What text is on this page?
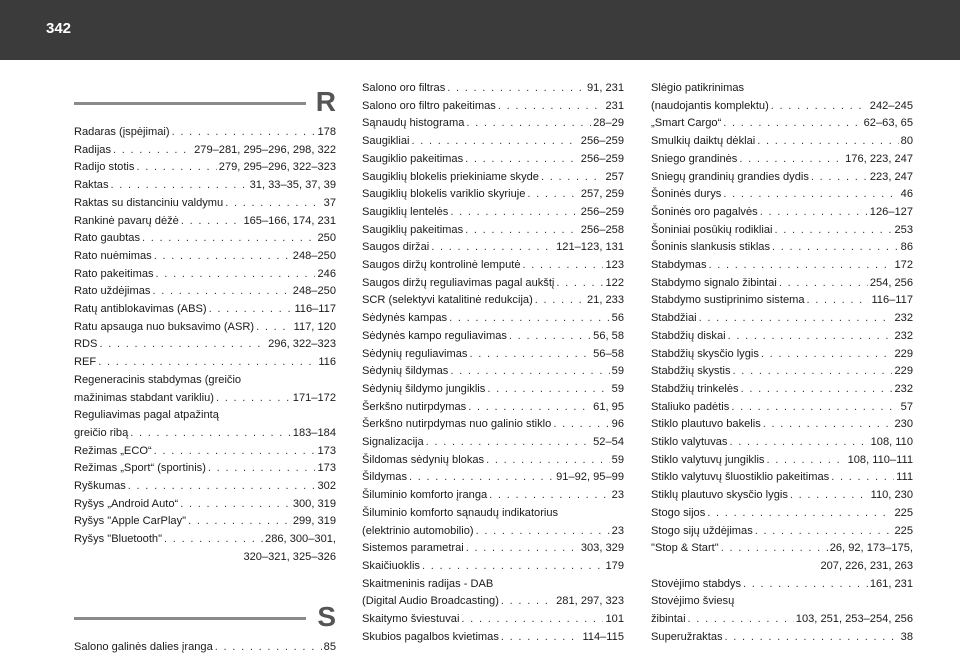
342
R
Radaras (įspėjimai) . . .	178
Radijas . . .	279–281, 295–296, 298, 322
Radijo stotis . . .	279, 295–296, 322–323
Raktas . . .	31, 33–35, 37, 39
Raktas su distanciniu valdymu . . .	37
Rankinė pavarų dėžė . . .	165–166, 174, 231
Rato gaubtas . . .	250
Rato nuėmimas . . .	248–250
Rato pakeitimas . . .	246
Rato uždėjimas . . .	248–250
Ratų antiblokavimas (ABS) . . .	116–117
Ratu apsauga nuo buksavimo (ASR) . . .	117, 120
RDS . . .	296, 322–323
REF . . .	116
Regeneracinis stabdymas (greičio
mažinimas stabdant varikliu) . . .	171–172
Reguliavimas pagal atpažintą
greičio ribą . . .	183–184
Režimas „ECO“ . . .	173
Režimas „Sport“ (sportinis) . . .	173
Ryškumas . . .	302
Ryšys „Android Auto“ . . .	300, 319
Ryšys "Apple CarPlay" . . .	299, 319
Ryšys "Bluetooth" . . .	286, 300–301,
320–321, 325–326
S
Salono galinės dalies įranga . . .	85
Salono oro filtras . . .	91, 231
Salono oro filtro pakeitimas . . .	231
Sąnaudų histograma . . .	28–29
Saugikliai . . .	256–259
Saugiklio pakeitimas . . .	256–259
Saugiklių blokelis priekiniame skyde . . .	257
Saugiklių blokelis variklio skyriuje . . .	257, 259
Saugiklių lentelės . . .	256–259
Saugiklių pakeitimas . . .	256–258
Saugos diržai . . .	121–123, 131
Saugos diržų kontrolinė lemputė . . .	123
Saugos diržų reguliavimas pagal aukštį . . .	122
SCR (selektyvi katalitinė redukcija) . . .	21, 233
Sėdynės kampas . . .	56
Sėdynės kampo reguliavimas . . .	56, 58
Sėdynių reguliavimas . . .	56–58
Sėdynių šildymas . . .	59
Sėdynių šildymo jungiklis . . .	59
Šerkšno nutirpdymas . . .	61, 95
Šerkšno nutirpdymas nuo galinio stiklo . . .	96
Signalizacija . . .	52–54
Šildomas sėdynių blokas . . .	59
Šildymas . . .	91–92, 95–99
Šiluminio komforto įranga . . .	23
Šiluminio komforto sąnaudų indikatorius
(elektrinio automobilio) . . .	23
Sistemos parametrai . . .	303, 329
Skaičiuoklis . . .	179
Skaitmeninis radijas - DAB
(Digital Audio Broadcasting) . . .	281, 297, 323
Skaitymo šviestuvai . . .	101
Skubios pagalbos kvietimas . . .	114–115
Slėgio patikrinimas
(naudojantis komplektu) . . .	242–245
„Smart Cargo“ . . .	62–63, 65
Smulkių daiktų dėklai . . .	80
Sniego grandinės . . .	176, 223, 247
Sniegų grandinių grandies dydis . . .	223, 247
Šoninės durys . . .	46
Šoninės oro pagalvės . . .	126–127
Šoniniai posūkių rodikliai . . .	253
Šoninis slankusis stiklas . . .	86
Stabdymas . . .	172
Stabdymo signalo žibintai . . .	254, 256
Stabdymo sustiprinimo sistema . . .	116–117
Stabdžiai . . .	232
Stabdžių diskai . . .	232
Stabdžių skysčio lygis . . .	229
Stabdžių skystis . . .	229
Stabdžių trinkelės . . .	232
Staliuko padėtis . . .	57
Stiklo plautuvo bakelis . . .	230
Stiklo valytuvas . . .	108, 110
Stiklo valytuvų jungiklis . . .	108, 110–111
Stiklo valytuvų šluostiklio pakeitimas . . .	111
Stiklų plautuvo skysčio lygis . . .	110, 230
Stogo sijos . . .	225
Stogo sijų uždėjimas . . .	225
"Stop & Start" . . .	26, 92, 173–175,
207, 226, 231, 263
Stovėjimo stabdys . . .	161, 231
Stovėjimo šviesų
žibintai . . .	103, 251, 253–254, 256
Superužraktas . . .	38
